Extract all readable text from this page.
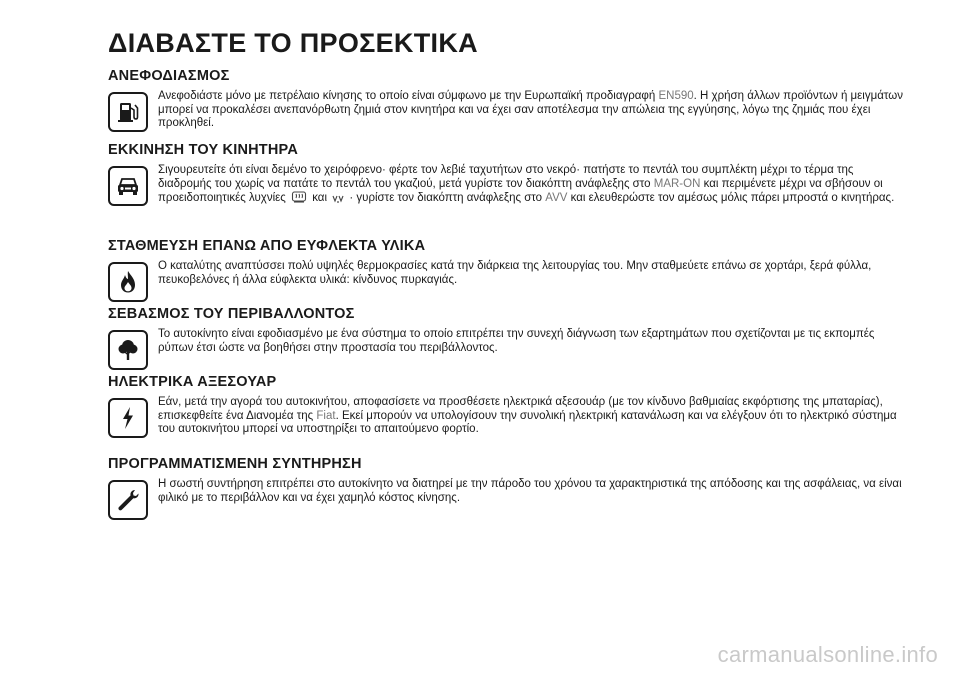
ΔΙΑΒΑΣΤΕ ΤΟ ΠΡΟΣΕΚΤΙΚΑ
ΑΝΕΦΟΔΙΑΣΜΟΣ

Ανεφοδιάστε μόνο με πετρέλαιο κίνησης το οποίο είναι σύμφωνο με την Ευρωπαϊκή προδιαγραφή EN590. Η χρήση άλλων προϊόντων ή μειγμάτων μπορεί να προκαλέσει ανεπανόρθωτη ζημιά στον κινητήρα και να έχει σαν αποτέλεσμα την απώλεια της εγγύησης, λόγω της ζημιάς που έχει προκληθεί.

ΕΚΚΙΝΗΣΗ ΤΟΥ ΚΙΝΗΤΗΡΑ

Σιγουρευτείτε ότι είναι δεμένο το χειρόφρενο· φέρτε τον λεβιέ ταχυτήτων στο νεκρό· πατήστε το πεντάλ του συμπλέκτη μέχρι το τέρμα της διαδρομής του χωρίς να πατάτε το πεντάλ του γκαζιού, μετά γυρίστε τον διακόπτη ανάφλεξης στο MAR-ON και περιμένετε μέχρι να σβήσουν οι προειδοποιητικές λυχνίες  και  · γυρίστε τον διακόπτη ανάφλεξης στο AVV και ελευθερώστε τον αμέσως μόλις πάρει μπροστά ο κινητήρας.

ΣΤΑΘΜΕΥΣΗ ΕΠΑΝΩ ΑΠΟ ΕΥΦΛΕΚΤΑ ΥΛΙΚΑ

Ο καταλύτης αναπτύσσει πολύ υψηλές θερμοκρασίες κατά την διάρκεια της λειτουργίας του. Μην σταθμεύετε επάνω σε χορτάρι, ξερά φύλλα, πευκοβελόνες ή άλλα εύφλεκτα υλικά: κίνδυνος πυρκαγιάς.

ΣΕΒΑΣΜΟΣ ΤΟΥ ΠΕΡΙΒΑΛΛΟΝΤΟΣ

Το αυτοκίνητο είναι εφοδιασμένο με ένα σύστημα το οποίο επιτρέπει την συνεχή διάγνωση των εξαρτημάτων που σχετίζονται με τις εκπομπές ρύπων έτσι ώστε να βοηθήσει στην προστασία του περιβάλλοντος.

ΗΛΕΚΤΡΙΚΑ ΑΞΕΣΟΥΑΡ

Εάν, μετά την αγορά του αυτοκινήτου, αποφασίσετε να προσθέσετε ηλεκτρικά αξεσουάρ (με τον κίνδυνο βαθμιαίας εκφόρτισης της μπαταρίας), επισκεφθείτε ένα Διανομέα της Fiat. Εκεί μπορούν να υπολογίσουν την συνολική ηλεκτρική κατανάλωση και να ελέγξουν ότι το ηλεκτρικό σύστημα του αυτοκινήτου μπορεί να υποστηρίξει το απαιτούμενο φορτίο.

ΠΡΟΓΡΑΜΜΑΤΙΣΜΕΝΗ ΣΥΝΤΗΡΗΣΗ

Η σωστή συντήρηση επιτρέπει στο αυτοκίνητο να διατηρεί με την πάροδο του χρόνου τα χαρακτηριστικά της απόδοσης και της ασφάλειας, να είναι φιλικό με το περιβάλλον και να έχει χαμηλό κόστος κίνησης.

carmanualsonline.info
